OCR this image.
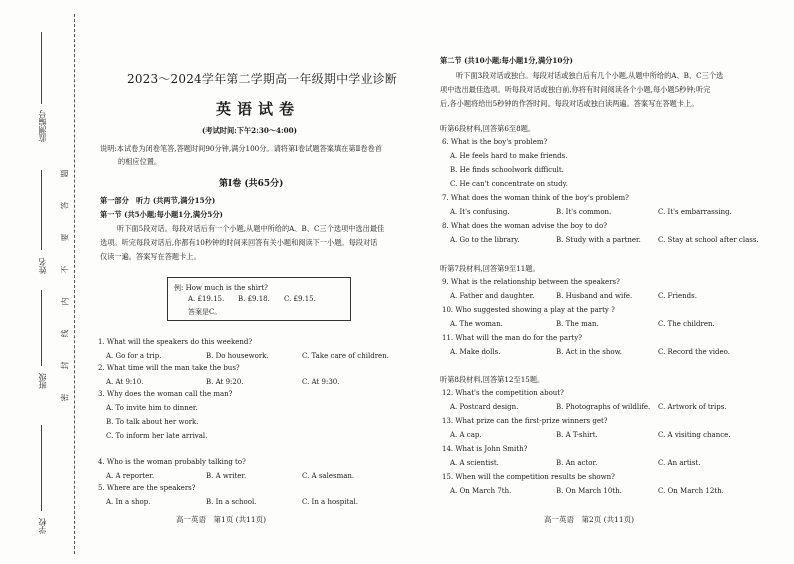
监测编号
姓名
班级
学校
题
答
要
不
内
线
封
密
2023～2024学年第二学期高一年级期中学业诊断
英语试卷
(考试时间:下午2:30～4:00)
说明:本试卷为闭卷笔答,答题时间90分钟,满分100分。请将第Ⅰ卷试题答案填在第Ⅱ卷卷首
的相应位置。
第Ⅰ卷 (共65分)
第一部分　听力 (共两节,满分15分)
第一节 (共5小题;每小题1分,满分5分)
听下面5段对话。每段对话后有一个小题,从题中所给的A、B、C三个选项中选出最佳
选项。听完每段对话后,你都有10秒钟的时间来回答有关小题和阅读下一小题。每段对话
仅读一遍。答案写在答题卡上。
例: How much is the shirt?
A. £19.15. B. £9.18. C. £9.15.
答案是C。
1. What will the speakers do this weekend?
A. Go for a trip.	B. Do housework.	C. Take care of children.
2. What time will the man take the bus?
A. At 9:10.	B. At 9:20.	C. At 9:30.
3. Why does the woman call the man?
A. To invite him to dinner.
B. To talk about her work.
C. To inform her late arrival.
4. Who is the woman probably talking to?
A. A reporter.	B. A writer.	C. A salesman.
5. Where are the speakers?
A. In a shop.	B. In a school.	C. In a hospital.
高一英语　第1页 (共11页)
第二节 (共10小题;每小题1分,满分10分)
听下面3段对话或独白。每段对话或独白后有几个小题,从题中所给的A、B、C三个选
项中选出最佳选项。听每段对话或独白前,你将有时间阅读各个小题,每小题5秒钟;听完
后,各小题将给出5秒钟的作答时间。每段对话或独白读两遍。答案写在答题卡上。
听第6段材料,回答第6至8题。
6. What is the boy's problem?
A. He feels hard to make friends.
B. He finds schoolwork difficult.
C. He can't concentrate on study.
7. What does the woman think of the boy's problem?
A. It's confusing.	B. It's common.	C. It's embarrassing.
8. What does the woman advise the boy to do?
A. Go to the library.	B. Study with a partner. C. Stay at school after class.
听第7段材料,回答第9至11题。
9. What is the relationship between the speakers?
A. Father and daughter.	B. Husband and wife.	C. Friends.
10. Who suggested showing a play at the party ?
A. The woman.	B. The man.	C. The children.
11. What will the man do for the party?
A. Make dolls.	B. Act in the show.	C. Record the video.
听第8段材料,回答第12至15题。
12. What's the competition about?
A. Postcard design.	B. Photographs of wildlife. C. Artwork of trips.
13. What prize can the first-prize winners get?
A. A cap.	B. A T-shirt.	C. A visiting chance.
14. What is John Smith?
A. A scientist.	B. An actor.	C. An artist.
15. When will the competition results be shown?
A. On March 7th.	B. On March 10th.	C. On March 12th.
高一英语　第2页 (共11页)
